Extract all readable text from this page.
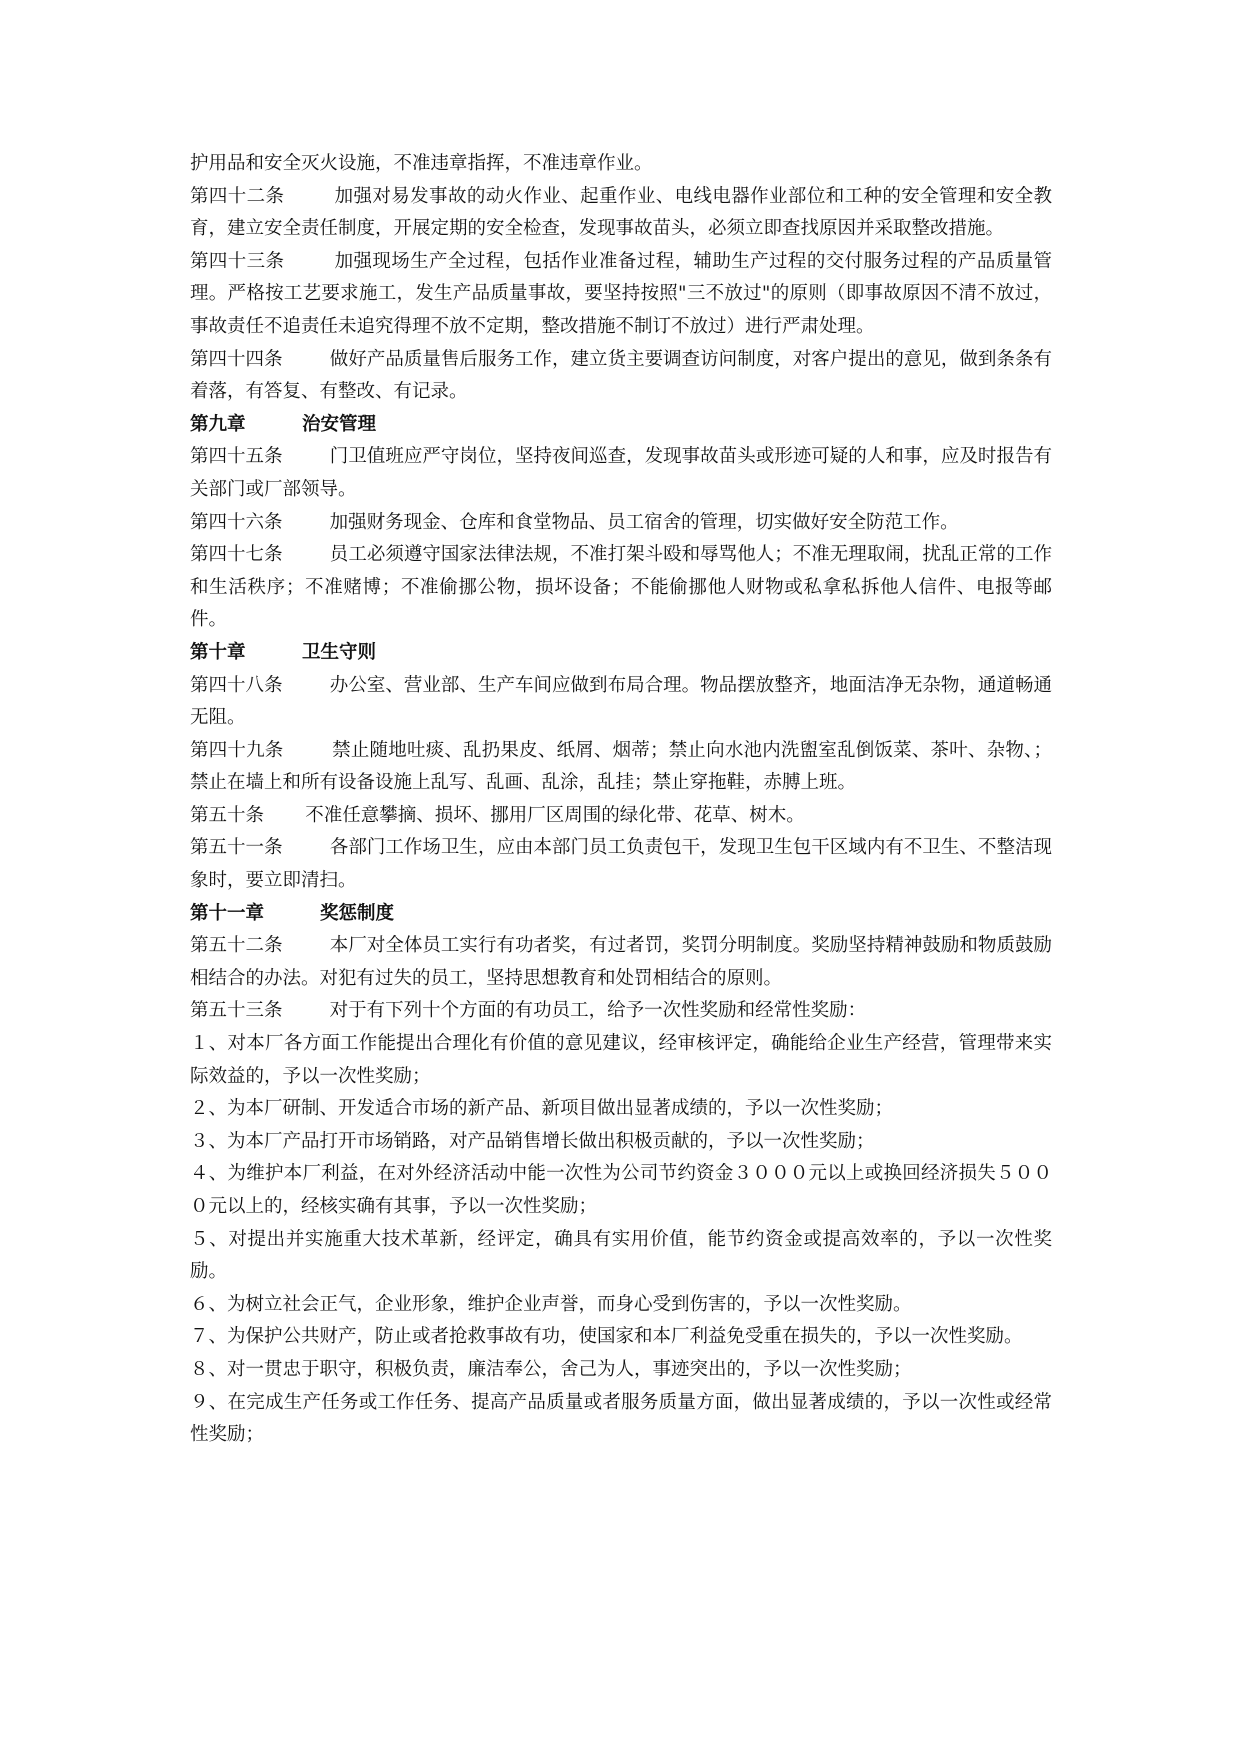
护用品和安全灭火设施，不准违章指挥，不准违章作业。

第四十二条	加强对易发事故的动火作业、起重作业、电线电器作业部位和工种的安全管理和安全教育，建立安全责任制度，开展定期的安全检查，发现事故苗头，必须立即查找原因并采取整改措施。

第四十三条	加强现场生产全过程，包括作业准备过程，辅助生产过程的交付服务过程的产品质量管理。严格按工艺要求施工，发生产品质量事故，要坚持按照"三不放过"的原则（即事故原因不清不放过，事故责任不追责任未追究得理不放不定期，整改措施不制订不放过）进行严肃处理。

第四十四条	做好产品质量售后服务工作，建立货主要调查访问制度，对客户提出的意见，做到条条有着落，有答复、有整改、有记录。

第九章	治安管理

第四十五条	门卫值班应严守岗位，坚持夜间巡查，发现事故苗头或形迹可疑的人和事，应及时报告有关部门或厂部领导。

第四十六条	加强财务现金、仓库和食堂物品、员工宿舍的管理，切实做好安全防范工作。

第四十七条	员工必须遵守国家法律法规，不准打架斗殴和辱骂他人；不准无理取闹，扰乱正常的工作和生活秩序；不准赌博；不准偷挪公物，损坏设备；不能偷挪他人财物或私拿私拆他人信件、电报等邮件。

第十章	卫生守则

第四十八条	办公室、营业部、生产车间应做到布局合理。物品摆放整齐，地面洁净无杂物，通道畅通无阻。

第四十九条	禁止随地吐痰、乱扔果皮、纸屑、烟蒂；禁止向水池内洗盥室乱倒饭菜、茶叶、杂物、；禁止在墙上和所有设备设施上乱写、乱画、乱涂，乱挂；禁止穿拖鞋，赤膊上班。

第五十条 不准任意攀摘、损坏、挪用厂区周围的绿化带、花草、树木。

第五十一条	各部门工作场卫生，应由本部门员工负责包干，发现卫生包干区域内有不卫生、不整洁现象时，要立即清扫。

第十一章	奖惩制度

第五十二条	本厂对全体员工实行有功者奖，有过者罚，奖罚分明制度。奖励坚持精神鼓励和物质鼓励相结合的办法。对犯有过失的员工，坚持思想教育和处罚相结合的原则。

第五十三条	对于有下列十个方面的有功员工，给予一次性奖励和经常性奖励：

１、对本厂各方面工作能提出合理化有价值的意见建议，经审核评定，确能给企业生产经营，管理带来实际效益的，予以一次性奖励；

２、为本厂研制、开发适合市场的新产品、新项目做出显著成绩的，予以一次性奖励；

３、为本厂产品打开市场销路，对产品销售增长做出积极贡献的，予以一次性奖励；

４、为维护本厂利益，在对外经济活动中能一次性为公司节约资金３０００元以上或换回经济损失５０００元以上的，经核实确有其事，予以一次性奖励；

５、对提出并实施重大技术革新，经评定，确具有实用价值，能节约资金或提高效率的，予以一次性奖励。

６、为树立社会正气，企业形象，维护企业声誉，而身心受到伤害的，予以一次性奖励。

７、为保护公共财产，防止或者抢救事故有功，使国家和本厂利益免受重在损失的，予以一次性奖励。

８、对一贯忠于职守，积极负责，廉洁奉公，舍己为人，事迹突出的，予以一次性奖励；

９、在完成生产任务或工作任务、提高产品质量或者服务质量方面，做出显著成绩的，予以一次性或经常性奖励；
